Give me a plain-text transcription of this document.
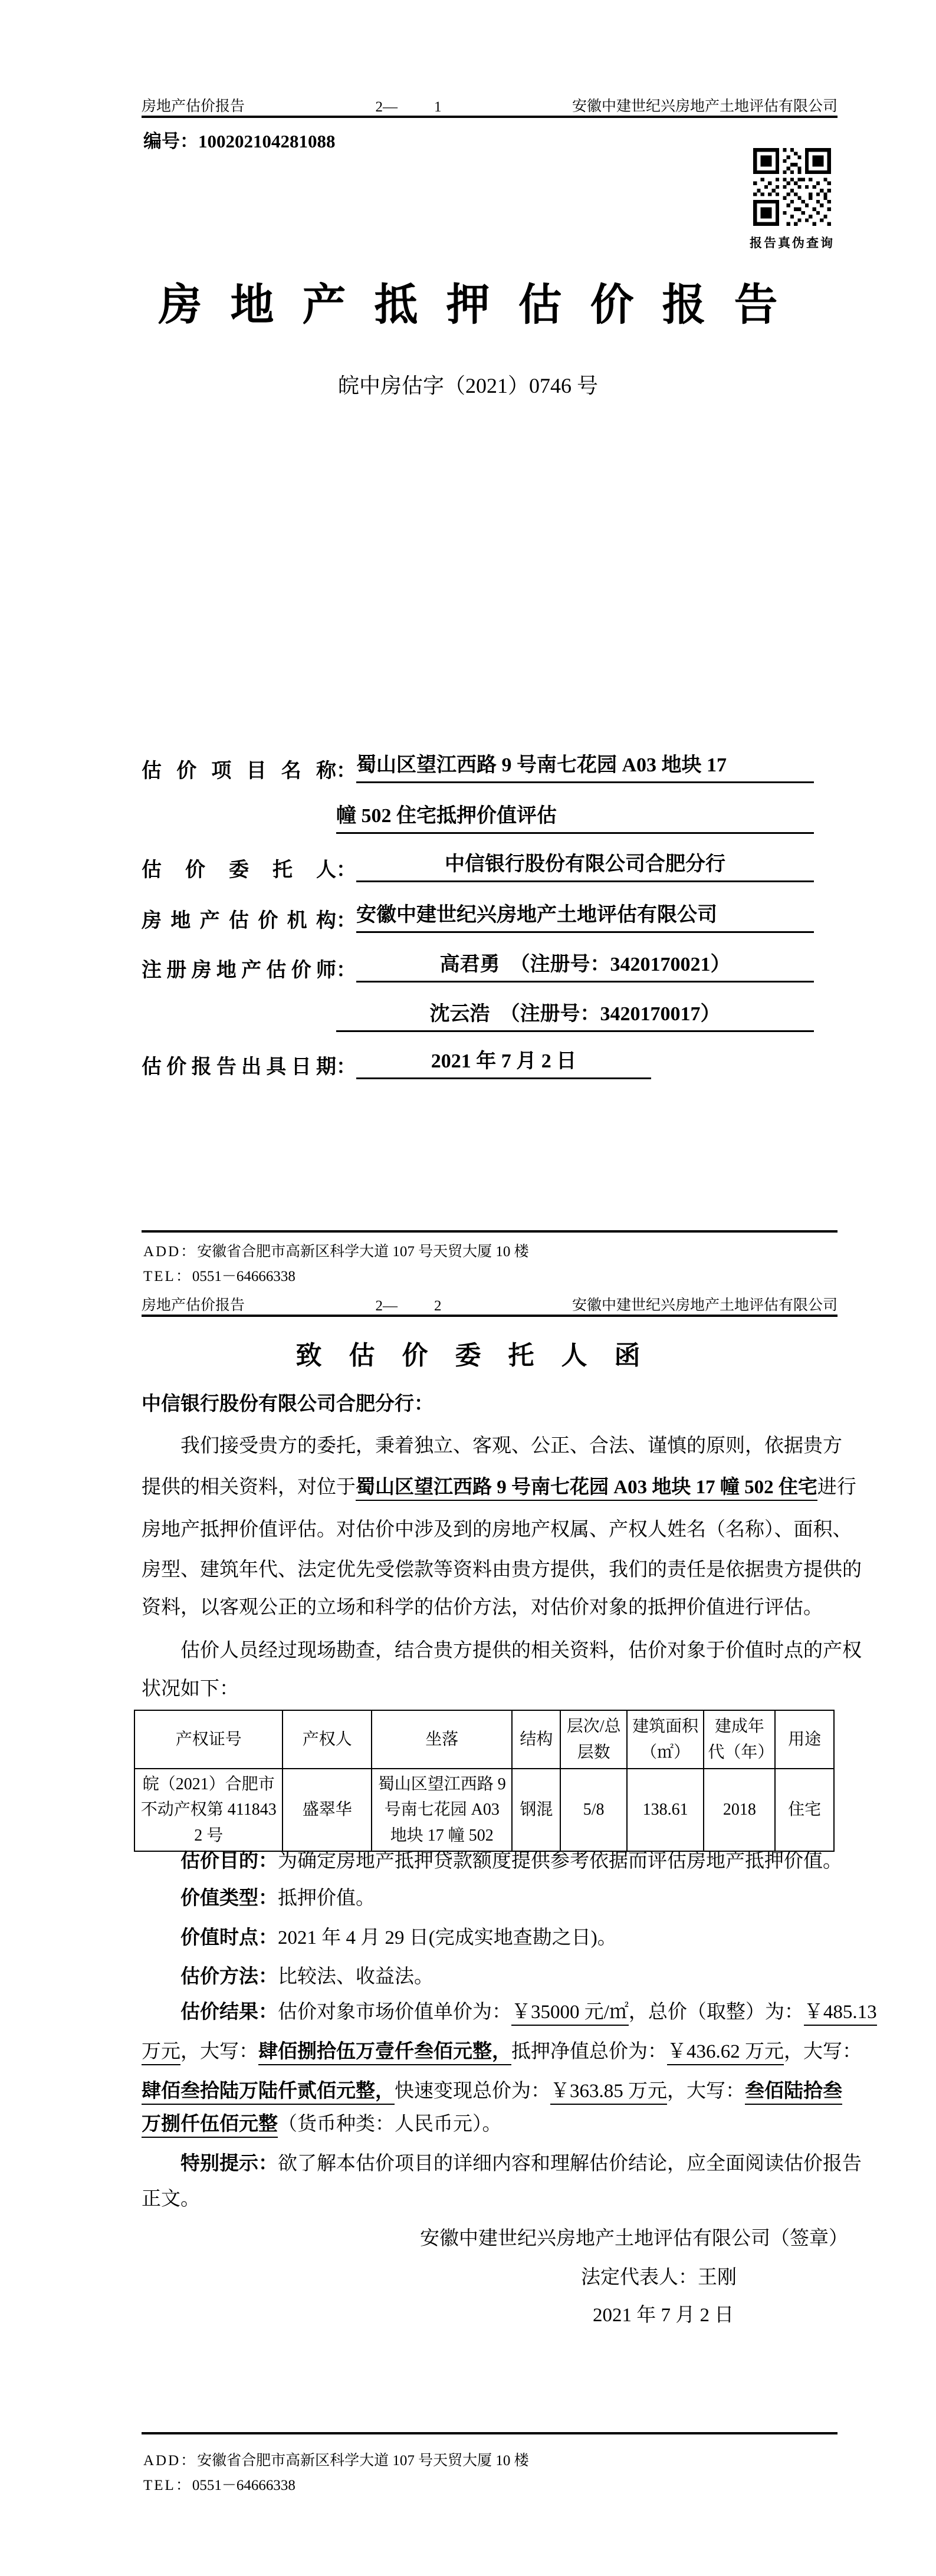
房地产估价报告	2— 1	安徽中建世纪兴房地产土地评估有限公司
编号：100202104281088
报告真伪查询
房地产抵押估价报告
皖中房估字（2021）0746 号
估价项目名称 ： 蜀山区望江西路 9 号南七花园 A03 地块 17
幢 502 住宅抵押价值评估
估价委托人 ：	中信银行股份有限公司合肥分行
房地产估价机构 ： 安徽中建世纪兴房地产土地评估有限公司
注册房地产估价师 ：	高君勇　（注册号：3420170021）
沈云浩　（注册号：3420170017）
估价报告出具日期 ：	2021 年 7 月 2 日
ADD：安徽省合肥市高新区科学大道 107 号天贸大厦 10 楼
TEL：0551－64666338
房地产估价报告	2— 2	安徽中建世纪兴房地产土地评估有限公司
致估价委托人函
中信银行股份有限公司合肥分行：
我们接受贵方的委托，秉着独立、客观、公正、合法、谨慎的原则，依据贵方
提供的相关资料，对位于蜀山区望江西路 9 号南七花园 A03 地块 17 幢 502 住宅进行
房地产抵押价值评估。对估价中涉及到的房地产权属、产权人姓名（名称）、面积、
房型、建筑年代、法定优先受偿款等资料由贵方提供，我们的责任是依据贵方提供的
资料，以客观公正的立场和科学的估价方法，对估价对象的抵押价值进行评估。
估价人员经过现场勘查，结合贵方提供的相关资料，估价对象于价值时点的产权
状况如下：
产权证号	产权人	坐落	结构	层次/总层数	建筑面积（㎡）	建成年代（年）	用途
皖（2021）合肥市不动产权第 4118432 号	盛翠华	蜀山区望江西路 9 号南七花园 A03 地块 17 幢 502	钢混	5/8	138.61	2018	住宅
估价目的：为确定房地产抵押贷款额度提供参考依据而评估房地产抵押价值。
价值类型：抵押价值。
价值时点：2021 年 4 月 29 日(完成实地查勘之日)。
估价方法：比较法、收益法。
估价结果：估价对象市场价值单价为：￥35000 元/㎡，总价（取整）为：￥485.13
万元，大写：肆佰捌拾伍万壹仟叁佰元整，抵押净值总价为：￥436.62 万元，大写：
肆佰叁拾陆万陆仟贰佰元整，快速变现总价为：￥363.85 万元，大写：叁佰陆拾叁
万捌仟伍佰元整（货币种类：人民币元）。
特别提示：欲了解本估价项目的详细内容和理解估价结论，应全面阅读估价报告
正文。
安徽中建世纪兴房地产土地评估有限公司（签章）
法定代表人：王刚
2021 年 7 月 2 日
ADD：安徽省合肥市高新区科学大道 107 号天贸大厦 10 楼
TEL：0551－64666338
